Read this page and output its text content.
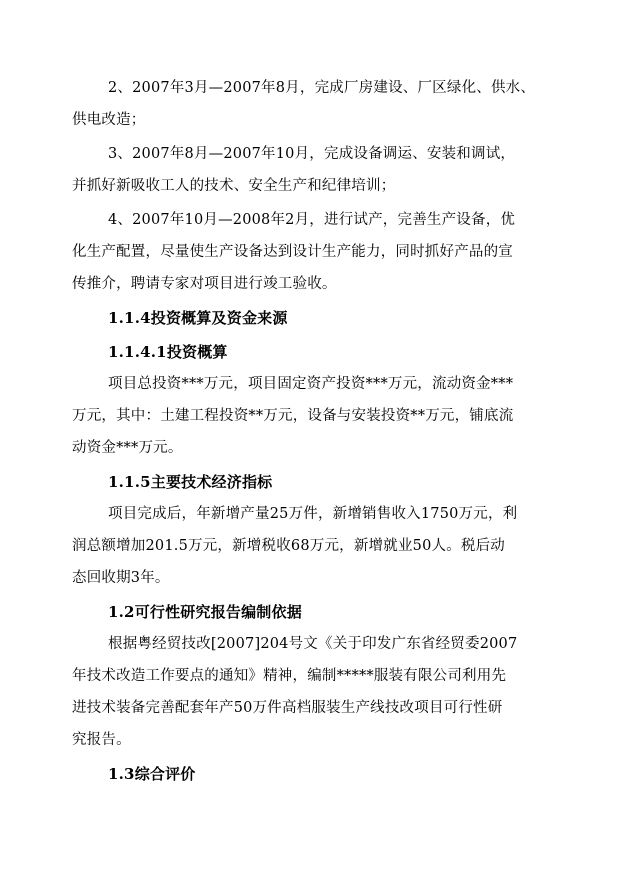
2、2007年3月—2007年8月，完成厂房建设、厂区绿化、供水、
供电改造；
3、2007年8月—2007年10月，完成设备调运、安装和调试，
并抓好新吸收工人的技术、安全生产和纪律培训；
4、2007年10月—2008年2月，进行试产，完善生产设备，优
化生产配置，尽量使生产设备达到设计生产能力，同时抓好产品的宣
传推介，聘请专家对项目进行竣工验收。
1.1.4投资概算及资金来源
1.1.4.1投资概算
项目总投资***万元，项目固定资产投资***万元，流动资金***
万元，其中：土建工程投资**万元，设备与安装投资**万元，铺底流
动资金***万元。
1.1.5主要技术经济指标
项目完成后，年新增产量25万件，新增销售收入1750万元，利
润总额增加201.5万元，新增税收68万元，新增就业50人。税后动
态回收期3年。
1.2可行性研究报告编制依据
根据粤经贸技改[2007]204号文《关于印发广东省经贸委2007
年技术改造工作要点的通知》精神，编制*****服装有限公司利用先
进技术装备完善配套年产50万件高档服装生产线技改项目可行性研
究报告。
1.3综合评价
